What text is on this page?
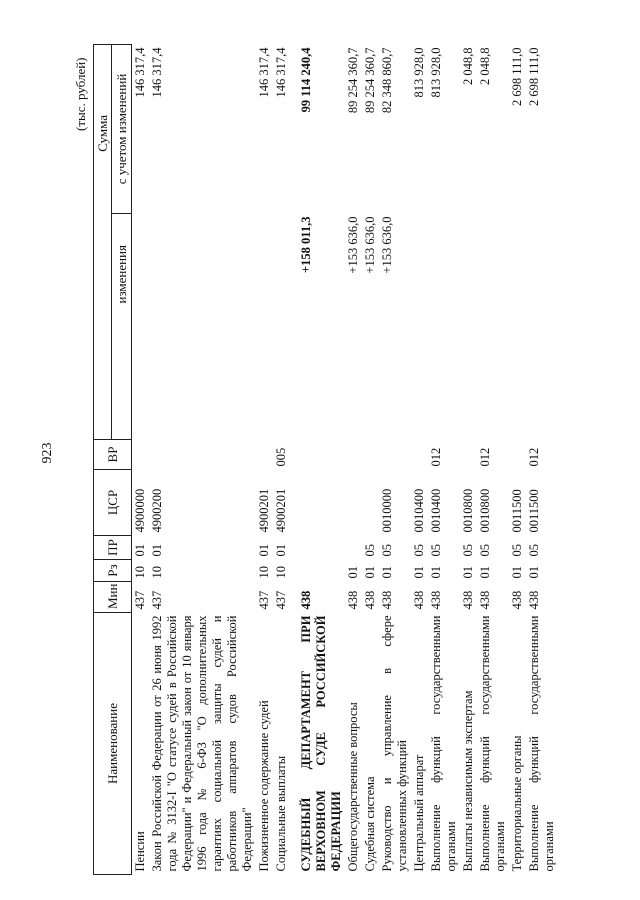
923
(тыс. рублей)
Наименование	Мин	Рз	ПР	ЦСР	ВР	Сумма		
							изменения	с учетом изменений
Пенсии	437	10	01	4900000				146 317,4
Закон Российской Федерации от 26 июня 1992 года № 3132-I "О статусе судей в Российской Федерации" и Федеральный закон от 10 января 1996 года № 6-ФЗ "О дополнительных гарантиях социальной защиты судей и работников аппаратов судов Российской Федерации"	437	10	01	4900200				146 317,4
Пожизненное содержание судей	437	10	01	4900201				146 317,4
Социальные выплаты	437	10	01	4900201	005			146 317,4

СУДЕБНЫЙ ДЕПАРТАМЕНТ ПРИ ВЕРХОВНОМ СУДЕ РОССИЙСКОЙ ФЕДЕРАЦИИ	438						+158 011,3	99 114 240,4
Общегосударственные вопросы	438	01					+153 636,0	89 254 360,7
Судебная система	438	01	05				+153 636,0	89 254 360,7
Руководство и управление в сфере установленных функций	438	01	05	0010000			+153 636,0	82 348 860,7
Центральный аппарат	438	01	05	0010400				813 928,0
Выполнение функций государственными органами	438	01	05	0010400	012			813 928,0
Выплаты независимым экспертам	438	01	05	0010800				2 048,8
Выполнение функций государственными органами	438	01	05	0010800	012			2 048,8
Территориальные органы	438	01	05	0011500				2 698 111,0
Выполнение функций государственными органами	438	01	05	0011500	012			2 698 111,0
